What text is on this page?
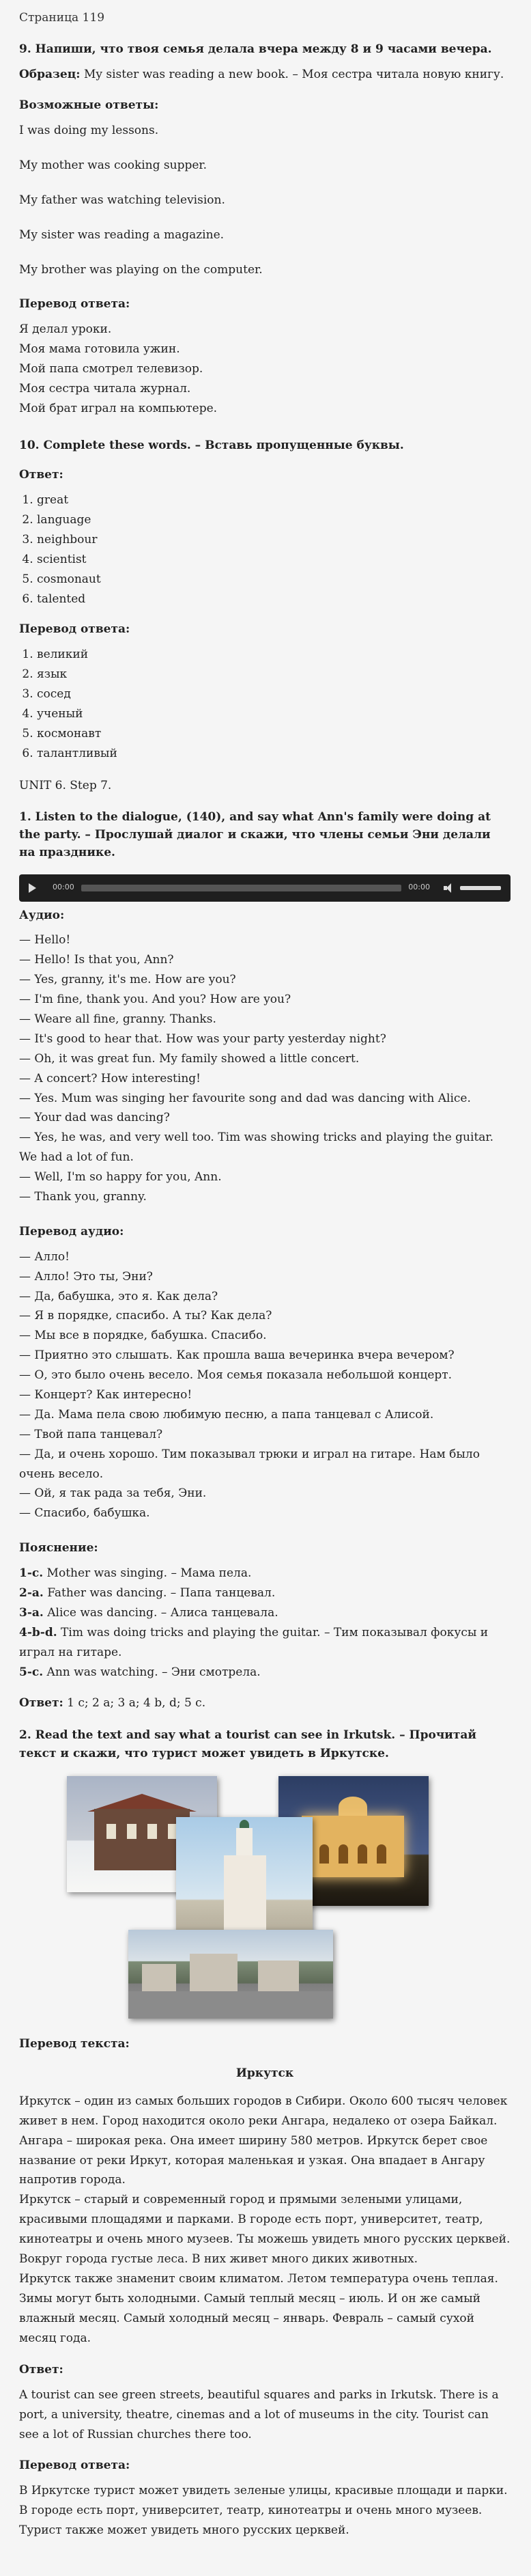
Страница 119
9. Напиши, что твоя семья делала вчера между 8 и 9 часами вечера.

Образец: My sister was reading a new book. – Моя сестра читала новую книгу.

Возможные ответы:

I was doing my lessons.

My mother was cooking supper.

My father was watching television.

My sister was reading a magazine.

My brother was playing on the computer.

Перевод ответа:
Я делал уроки.
Моя мама готовила ужин.
Мой папа смотрел телевизор.
Моя сестра читала журнал.
Мой брат играл на компьютере.
10. Complete these words. – Вставь пропущенные буквы.
Ответ:
1. great
2. language
3. neighbour
4. scientist
5. cosmonaut
6. talented
Перевод ответа:
1. великий
2. язык
3. сосед
4. ученый
5. космонавт
6. талантливый
UNIT 6. Step 7.
1. Listen to the dialogue, (140), and say what Ann's family were doing at the party. – Прослушай диалог и скажи, что члены семьи Эни делали на празднике.
00:00	00:00
Аудио:
— Hello!
— Hello! Is that you, Ann?
— Yes, granny, it's me. How are you?
— I'm fine, thank you. And you? How are you?
— Weare all fine, granny. Thanks.
— It's good to hear that. How was your party yesterday night?
— Oh, it was great fun. My family showed a little concert.
— A concert? How interesting!
— Yes. Mum was singing her favourite song and dad was dancing with Alice.
— Your dad was dancing?
— Yes, he was, and very well too. Tim was showing tricks and playing the guitar. We had a lot of fun.
— Well, I'm so happy for you, Ann.
— Thank you, granny.
Перевод аудио:
— Алло!
— Алло! Это ты, Эни?
— Да, бабушка, это я. Как дела?
— Я в порядке, спасибо. А ты? Как дела?
— Мы все в порядке, бабушка. Спасибо.
— Приятно это слышать. Как прошла ваша вечеринка вчера вечером?
— О, это было очень весело. Моя семья показала небольшой концерт.
— Концерт? Как интересно!
— Да. Мама пела свою любимую песню, а папа танцевал с Алисой.
— Твой папа танцевал?
— Да, и очень хорошо. Тим показывал трюки и играл на гитаре. Нам было очень весело.
— Ой, я так рада за тебя, Эни.
— Спасибо, бабушка.
Пояснение:
1-c. Mother was singing. – Мама пела.
2-a. Father was dancing. – Папа танцевал.
3-a. Alice was dancing. – Алиса танцевала.
4-b-d. Tim was doing tricks and playing the guitar. – Тим показывал фокусы и играл на гитаре.
5-c. Ann was watching. – Эни смотрела.

Ответ: 1 c; 2 a; 3 a; 4 b, d; 5 c.

2. Read the text and say what a tourist can see in Irkutsk. – Прочитай текст и скажи, что турист может увидеть в Иркутске.
Перевод текста:
Иркутск

Иркутск – один из самых больших городов в Сибири. Около 600 тысяч человек живет в нем. Город находится около реки Ангара, недалеко от озера Байкал. Ангара – широкая река. Она имеет ширину 580 метров. Иркутск берет свое название от реки Иркут, которая маленькая и узкая. Она впадает в Ангару напротив города.

Иркутск – старый и современный город и прямыми зелеными улицами, красивыми площадями и парками. В городе есть порт, университет, театр, кинотеатры и очень много музеев. Ты можешь увидеть много русских церквей. Вокруг города густые леса. В них живет много диких животных.

Иркутск также знаменит своим климатом. Летом температура очень теплая. Зимы могут быть холодными. Самый теплый месяц – июль. И он же самый влажный месяц. Самый холодный месяц – январь. Февраль – самый сухой месяц года.

Ответ:

A tourist can see green streets, beautiful squares and parks in Irkutsk. There is a port, a university, theatre, cinemas and a lot of museums in the city. Tourist can see a lot of Russian churches there too.

Перевод ответа:

В Иркутске турист может увидеть зеленые улицы, красивые площади и парки. В городе есть порт, университет, театр, кинотеатры и очень много музеев. Турист также может увидеть много русских церквей.
